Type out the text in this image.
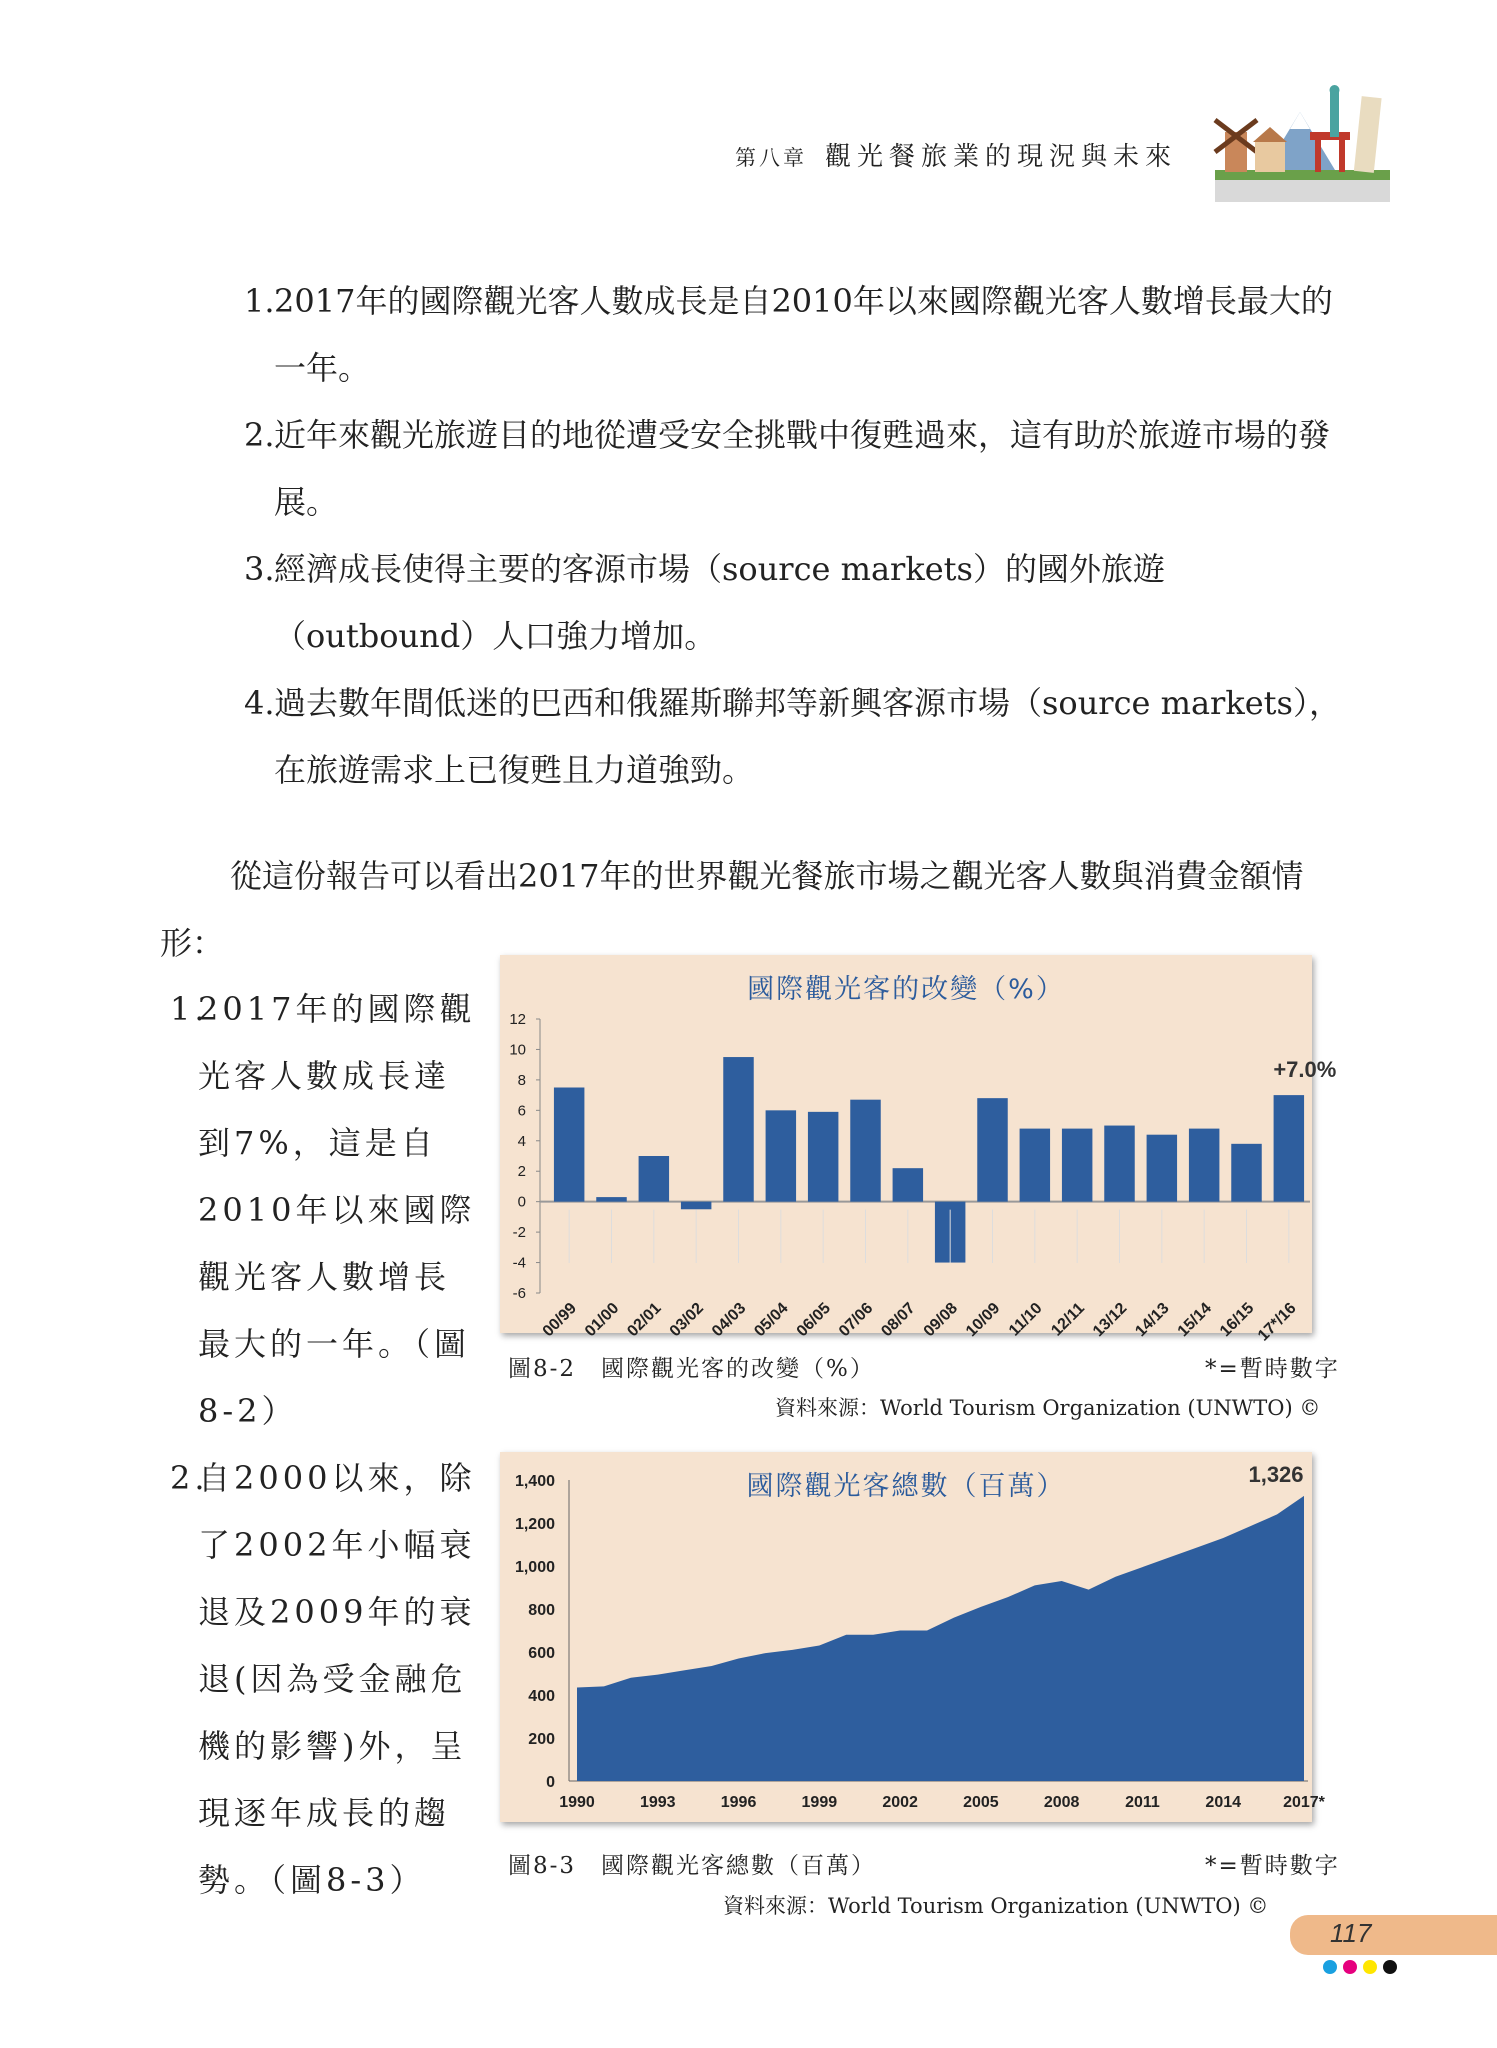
第八章 觀光餐旅業的現況與未來
1. 2017年的國際觀光客人數成長是自2010年以來國際觀光客人數增長最大的一年。
2. 近年來觀光旅遊目的地從遭受安全挑戰中復甦過來，這有助於旅遊市場的發展。
3. 經濟成長使得主要的客源市場（source markets）的國外旅遊（outbound）人口強力增加。
4. 過去數年間低迷的巴西和俄羅斯聯邦等新興客源市場（source markets），在旅遊需求上已復甦且力道強勁。
從這份報告可以看出2017年的世界觀光餐旅市場之觀光客人數與消費金額情形：
1.
2017年的國際觀光客人數成長達到7%，這是自2010年以來國際觀光客人數增長最大的一年。（圖8-2）
2.
自2000以來，除了2002年小幅衰退及2009年的衰退(因為受金融危機的影響)外，呈現逐年成長的趨勢。（圖8-3）
國際觀光客的改變（%）
12
10
8
6
4
2
0
-2
-4
-6
00/99 01/00 02/01 03/02 04/03 05/04 06/05 07/06 08/07 09/08 10/09 11/10 12/11 13/12 14/13 15/14 16/15
17*/16
+7.0%
圖8-2　國際觀光客的改變（%）	*=暫時數字
資料來源：World Tourism Organization (UNWTO) ©
國際觀光客總數（百萬）
1,400
1,200
1,000
800
600
400
200
0
1990	1993	1996	1999	2002	2005	2008	2011	2014	2017*
1,326
圖8-3　國際觀光客總數（百萬）	*=暫時數字
資料來源：World Tourism Organization (UNWTO) ©
117
